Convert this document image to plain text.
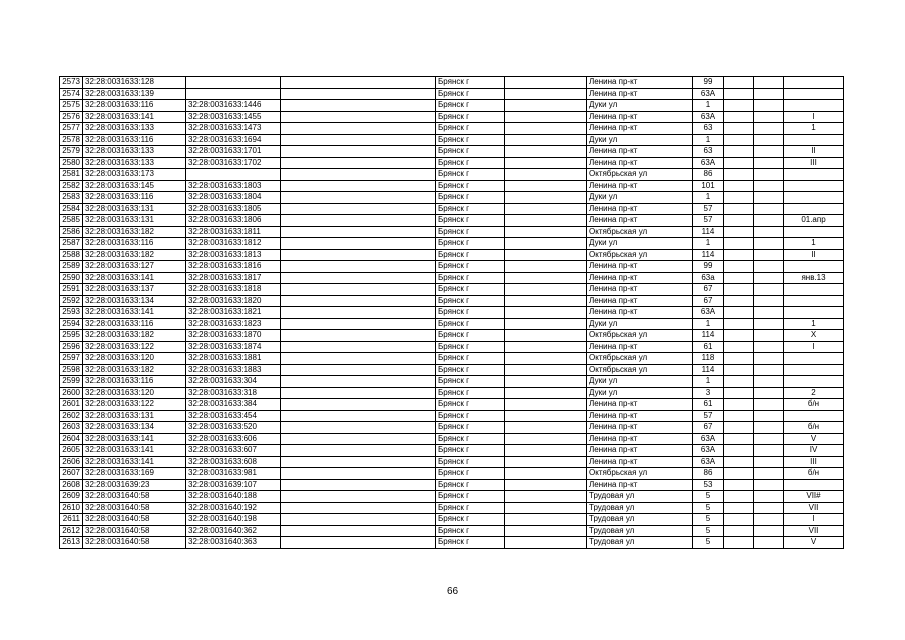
2573	32:28:0031633:128			Брянск г		Ленина пр-кт	99			
2574	32:28:0031633:139			Брянск г		Ленина пр-кт	63А			
2575	32:28:0031633:116	32:28:0031633:1446		Брянск г		Дуки ул	1			
2576	32:28:0031633:141	32:28:0031633:1455		Брянск г		Ленина пр-кт	63А			I
2577	32:28:0031633:133	32:28:0031633:1473		Брянск г		Ленина пр-кт	63			1
2578	32:28:0031633:116	32:28:0031633:1694		Брянск г		Дуки ул	1			
2579	32:28:0031633:133	32:28:0031633:1701		Брянск г		Ленина пр-кт	63			II
2580	32:28:0031633:133	32:28:0031633:1702		Брянск г		Ленина пр-кт	63А			III
2581	32:28:0031633:173			Брянск г		Октябрьская ул	86			
2582	32:28:0031633:145	32:28:0031633:1803		Брянск г		Ленина пр-кт	101			
2583	32:28:0031633:116	32:28:0031633:1804		Брянск г		Дуки ул	1			
2584	32:28:0031633:131	32:28:0031633:1805		Брянск г		Ленина пр-кт	57			
2585	32:28:0031633:131	32:28:0031633:1806		Брянск г		Ленина пр-кт	57			01.апр
2586	32:28:0031633:182	32:28:0031633:1811		Брянск г		Октябрьская ул	114			
2587	32:28:0031633:116	32:28:0031633:1812		Брянск г		Дуки ул	1			1
2588	32:28:0031633:182	32:28:0031633:1813		Брянск г		Октябрьская ул	114			II
2589	32:28:0031633:127	32:28:0031633:1816		Брянск г		Ленина пр-кт	99			
2590	32:28:0031633:141	32:28:0031633:1817		Брянск г		Ленина пр-кт	63а			янв.13
2591	32:28:0031633:137	32:28:0031633:1818		Брянск г		Ленина пр-кт	67			
2592	32:28:0031633:134	32:28:0031633:1820		Брянск г		Ленина пр-кт	67			
2593	32:28:0031633:141	32:28:0031633:1821		Брянск г		Ленина пр-кт	63А			
2594	32:28:0031633:116	32:28:0031633:1823		Брянск г		Дуки ул	1			1
2595	32:28:0031633:182	32:28:0031633:1870		Брянск г		Октябрьская ул	114			X
2596	32:28:0031633:122	32:28:0031633:1874		Брянск г		Ленина пр-кт	61			I
2597	32:28:0031633:120	32:28:0031633:1881		Брянск г		Октябрьская ул	118			
2598	32:28:0031633:182	32:28:0031633:1883		Брянск г		Октябрьская ул	114			
2599	32:28:0031633:116	32:28:0031633:304		Брянск г		Дуки ул	1			
2600	32:28:0031633:120	32:28:0031633:318		Брянск г		Дуки ул	3			2
2601	32:28:0031633:122	32:28:0031633:384		Брянск г		Ленина пр-кт	61			б/н
2602	32:28:0031633:131	32:28:0031633:454		Брянск г		Ленина пр-кт	57			
2603	32:28:0031633:134	32:28:0031633:520		Брянск г		Ленина пр-кт	67			б/н
2604	32:28:0031633:141	32:28:0031633:606		Брянск г		Ленина пр-кт	63А			V
2605	32:28:0031633:141	32:28:0031633:607		Брянск г		Ленина пр-кт	63А			IV
2606	32:28:0031633:141	32:28:0031633:608		Брянск г		Ленина пр-кт	63А			III
2607	32:28:0031633:169	32:28:0031633:981		Брянск г		Октябрьская ул	86			б/н
2608	32:28:0031639:23	32:28:0031639:107		Брянск г		Ленина пр-кт	53			
2609	32:28:0031640:58	32:28:0031640:188		Брянск г		Трудовая ул	5			VII#
2610	32:28:0031640:58	32:28:0031640:192		Брянск г		Трудовая ул	5			VII
2611	32:28:0031640:58	32:28:0031640:198		Брянск г		Трудовая ул	5			I
2612	32:28:0031640:58	32:28:0031640:362		Брянск г		Трудовая ул	5			VII
2613	32:28:0031640:58	32:28:0031640:363		Брянск г		Трудовая ул	5			V
66
